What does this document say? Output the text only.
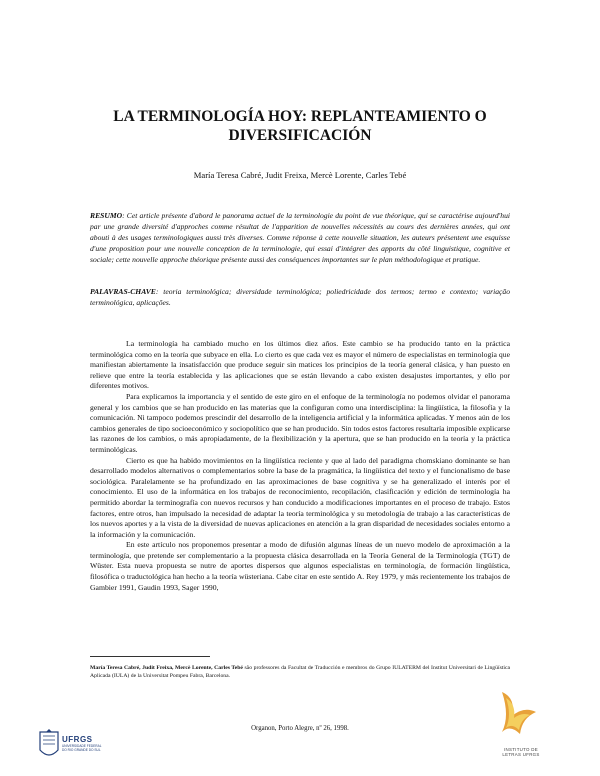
LA TERMINOLOGÍA HOY: REPLANTEAMIENTO O DIVERSIFICACIÓN
María Teresa Cabré, Judit Freixa, Mercè Lorente, Carles Tebé

RESUMO: Cet article présente d'abord le panorama actuel de la terminologie du point de vue théorique, qui se caractérise aujourd'hui par une grande diversité d'approches comme résultat de l'apparition de nouvelles nécessités au cours des dernières années, qui ont abouti à des usages terminologiques aussi très diverses. Comme réponse à cette nouvelle situation, les auteurs présentent une esquisse d'une proposition pour une nouvelle conception de la terminologie, qui essai d'intégrer des apports du côté linguistique, cognitive et sociale; cette nouvelle approche théorique présente aussi des conséquences importantes sur le plan méthodologique et pratique.

PALAVRAS-CHAVE: teoria terminológica; diversidade terminológica; poliedricidade dos termos; termo e contexto; variação terminológica, aplicações.

La terminología ha cambiado mucho en los últimos diez años. Este cambio se ha producido tanto en la práctica terminológica como en la teoría que subyace en ella. Lo cierto es que cada vez es mayor el número de especialistas en terminología que manifiestan abiertamente la insatisfacción que produce seguir sin matices los principios de la teoría general clásica, y han puesto en relieve que entre la teoría establecida y las aplicaciones que se están llevando a cabo existen desajustes importantes, y ello por diferentes motivos.

Para explicarnos la importancia y el sentido de este giro en el enfoque de la terminología no podemos olvidar el panorama general y los cambios que se han producido en las materias que la configuran como una interdisciplina: la lingüística, la filosofía y la comunicación. Ni tampoco podemos prescindir del desarrollo de la inteligencia artificial y la informática aplicadas. Y menos aún de los cambios generales de tipo socioeconómico y sociopolítico que se han producido. Sin todos estos factores resultaría imposible explicarse las razones de los cambios, o más apropiadamente, de la flexibilización y la apertura, que se han producido en la teoría y la práctica terminológicas.

Cierto es que ha habido movimientos en la lingüística reciente y que al lado del paradigma chomskiano dominante se han desarrollado modelos alternativos o complementarios sobre la base de la pragmática, la lingüística del texto y el funcionalismo de base sociológica. Paralelamente se ha profundizado en las aproximaciones de base cognitiva y se ha generalizado el interés por el conocimiento. El uso de la informática en los trabajos de reconocimiento, recopilación, clasificación y edición de terminología ha permitido abordar la terminografía con nuevos recursos y han conducido a modificaciones importantes en el proceso de trabajo. Estos factores, entre otros, han impulsado la necesidad de adaptar la teoría terminológica y su metodología de trabajo a las características de los nuevos aportes y a la vista de la diversidad de nuevas aplicaciones en atención a la gran disparidad de necesidades sociales entorno a la información y la comunicación.

En este artículo nos proponemos presentar a modo de difusión algunas líneas de un nuevo modelo de aproximación a la terminología, que pretende ser complementario a la propuesta clásica desarrollada en la Teoría General de la Terminología (TGT) de Wüster. Esta nueva propuesta se nutre de aportes dispersos que algunos especialistas en terminología, de formación lingüística, filosófica o traductológica han hecho a la teoría wüsteriana. Cabe citar en este sentido A. Rey 1979, y más recientemente los trabajos de Gambier 1991, Gaudin 1993, Sager 1990,

María Teresa Cabré, Judit Freixa, Mercè Lorente, Carles Tebé são professores da Facultat de Traducción e membros do Grupo IULATERM del Institut Universitari de Lingüística Aplicada (IULA) de la Universitat Pompeu Fabra, Barcelona.

Organon, Porto Alegre, nº 26, 1998.
UFRGS
UNIVERSIDADE FEDERAL DO RIO GRANDE DO SUL	INSTITUTO DE LETRAS UFRGS
